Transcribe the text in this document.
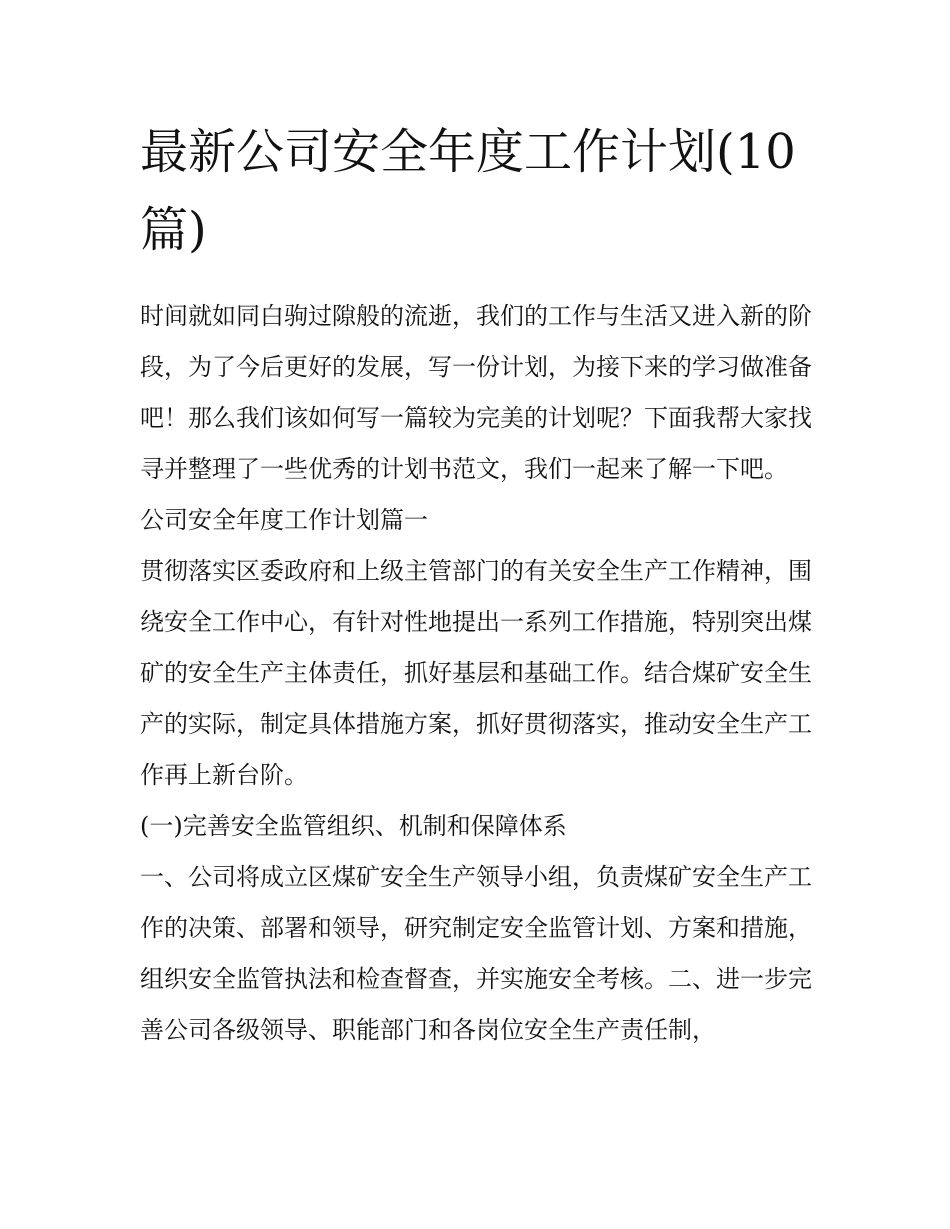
最新公司安全年度工作计划(10篇)

时间就如同白驹过隙般的流逝，我们的工作与生活又进入新的阶段，为了今后更好的发展，写一份计划，为接下来的学习做准备吧！那么我们该如何写一篇较为完美的计划呢？下面我帮大家找寻并整理了一些优秀的计划书范文，我们一起来了解一下吧。

公司安全年度工作计划篇一

贯彻落实区委政府和上级主管部门的有关安全生产工作精神，围绕安全工作中心，有针对性地提出一系列工作措施，特别突出煤矿的安全生产主体责任，抓好基层和基础工作。结合煤矿安全生产的实际，制定具体措施方案，抓好贯彻落实，推动安全生产工作再上新台阶。

(一)完善安全监管组织、机制和保障体系

一、公司将成立区煤矿安全生产领导小组，负责煤矿安全生产工作的决策、部署和领导，研究制定安全监管计划、方案和措施，组织安全监管执法和检查督查，并实施安全考核。二、进一步完善公司各级领导、职能部门和各岗位安全生产责任制，
